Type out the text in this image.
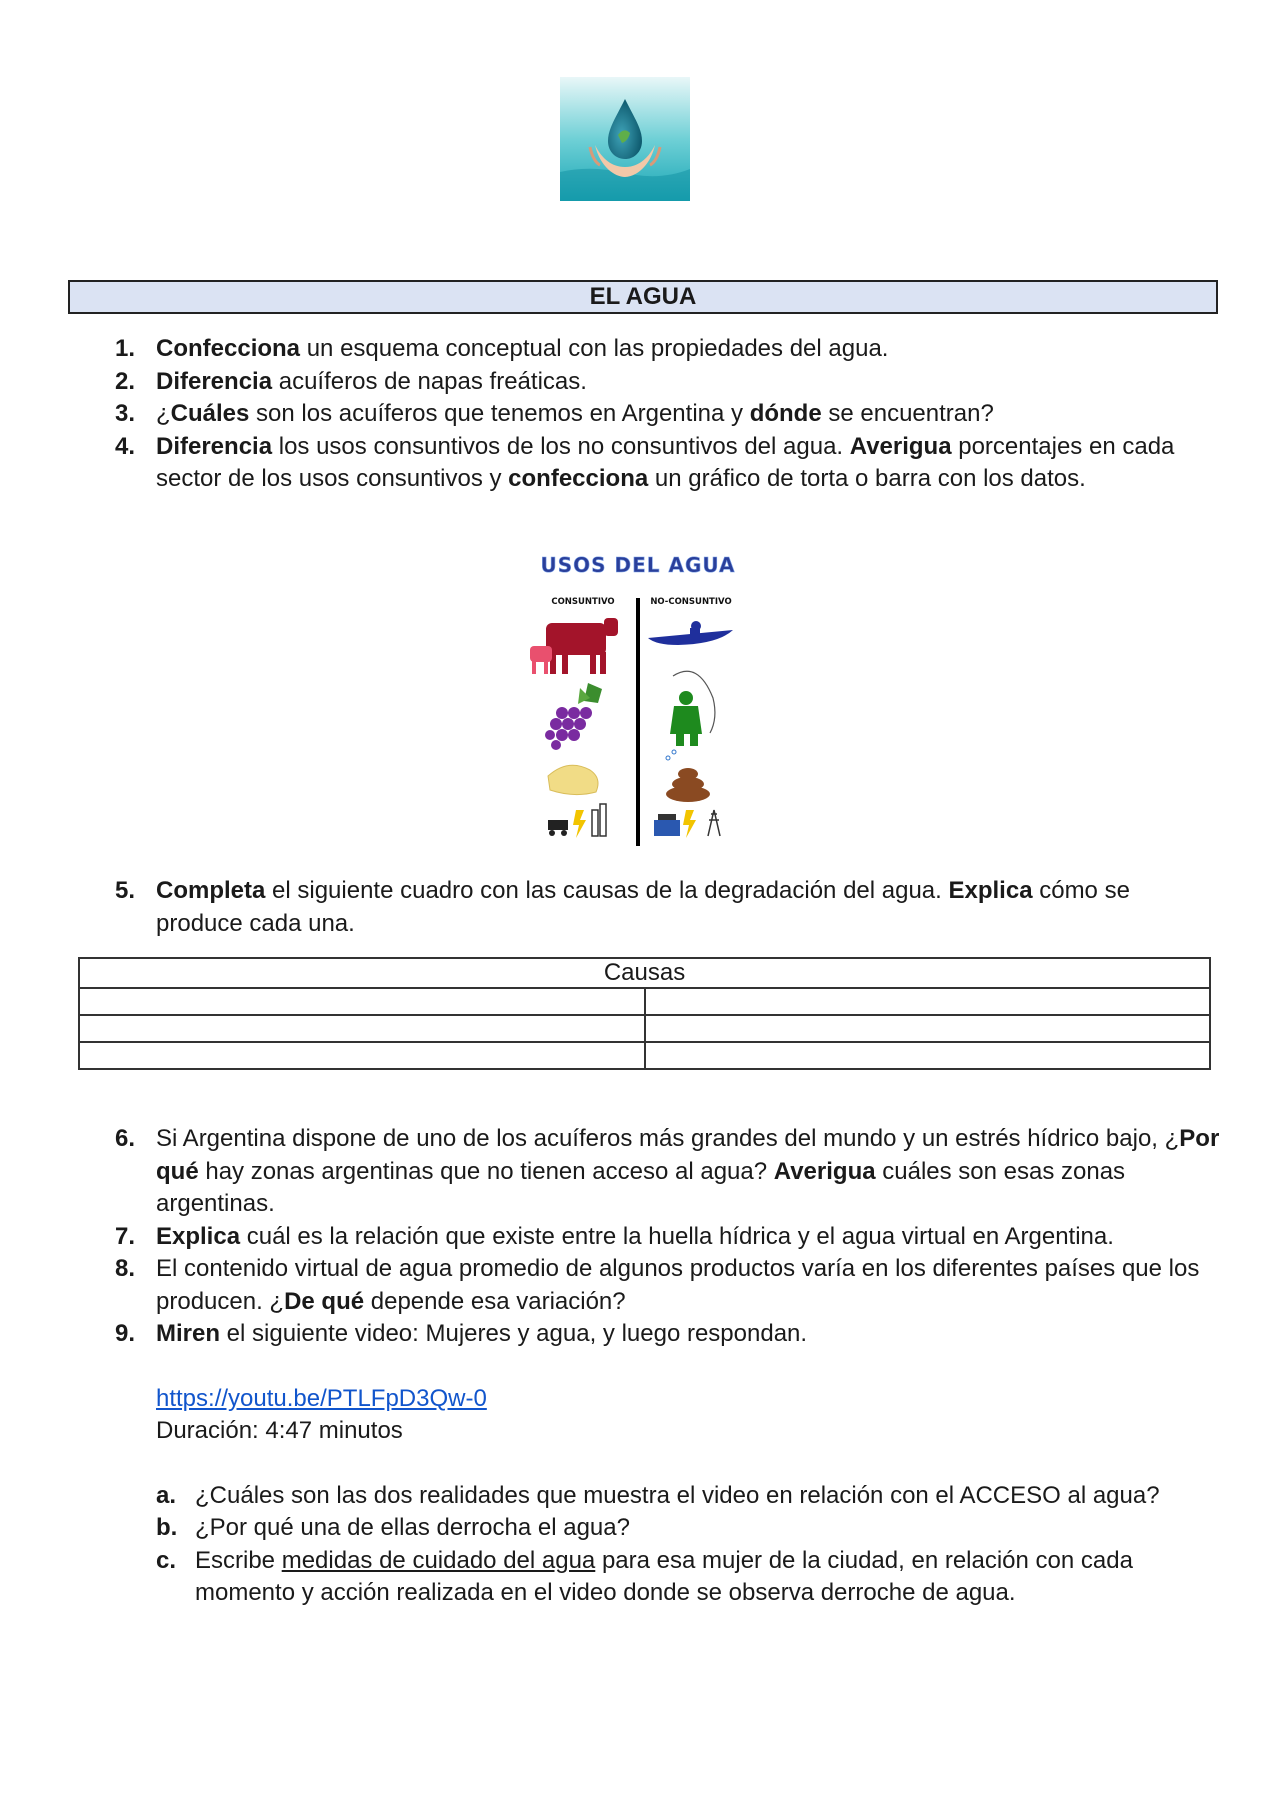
EL AGUA
1. Confecciona un esquema conceptual con las propiedades del agua.
2. Diferencia acuíferos de napas freáticas.
3. ¿Cuáles son los acuíferos que tenemos en Argentina y dónde se encuentran?
4. Diferencia los usos consuntivos de los no consuntivos del agua. Averigua porcentajes en cada sector de los usos consuntivos y confecciona un gráfico de torta o barra con los datos.
USOS DEL AGUA
CONSUNTIVO	NO-CONSUNTIVO
5. Completa el siguiente cuadro con las causas de la degradación del agua. Explica cómo se produce cada una.
Causas	

6. Si Argentina dispone de uno de los acuíferos más grandes del mundo y un estrés hídrico bajo, ¿Por qué hay zonas argentinas que no tienen acceso al agua? Averigua cuáles son esas zonas argentinas.
7. Explica cuál es la relación que existe entre la huella hídrica y el agua virtual en Argentina.
8. El contenido virtual de agua promedio de algunos productos varía en los diferentes países que los producen. ¿De qué depende esa variación?
9. Miren el siguiente video: Mujeres y agua, y luego respondan.
https://youtu.be/PTLFpD3Qw-0
Duración: 4:47 minutos
a. ¿Cuáles son las dos realidades que muestra el video en relación con el ACCESO al agua?
b. ¿Por qué una de ellas derrocha el agua?
c. Escribe medidas de cuidado del agua para esa mujer de la ciudad, en relación con cada momento y acción realizada en el video donde se observa derroche de agua.
